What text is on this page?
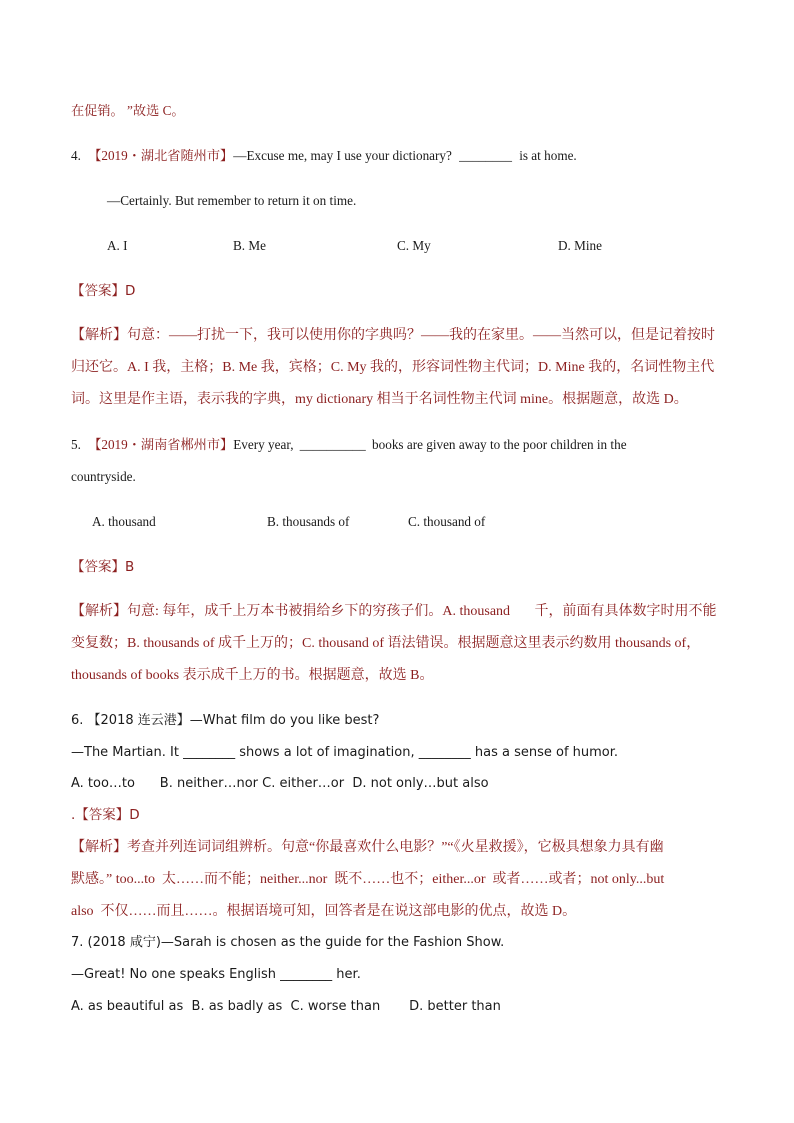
在促销。 ”故选 C。
4. 【2019・湖北省随州市】—Excuse me, may I use your dictionary? ________ is at home.
—Certainly. But remember to return it on time.
A. I	B. Me	C. My	D. Mine
【答案】D
【解析】句意：——打扰一下，我可以使用你的字典吗？——我的在家里。——当然可以，但是记着按时
归还它。A. I 我，主格；B. Me 我，宾格；C. My 我的，形容词性物主代词；D. Mine 我的，名词性物主代
词。这里是作主语，表示我的字典，my dictionary 相当于名词性物主代词 mine。根据题意，故选 D。
5. 【2019・湖南省郴州市】Every year, __________ books are given away to the poor children in the
countryside.
A. thousand	B. thousands of	C. thousand of
【答案】B
【解析】句意: 每年，成千上万本书被捐给乡下的穷孩子们。A. thousand       千，前面有具体数字时用不能
变复数；B. thousands of 成千上万的；C. thousand of 语法错误。根据题意这里表示约数用 thousands of，
thousands of books 表示成千上万的书。根据题意，故选 B。
6. 【2018 连云港】—What film do you like best?
—The Martian. It ________ shows a lot of imagination, ________ has a sense of humor.
A. too…to      B. neither…nor C. either…or  D. not only…but also
.【答案】D
【解析】考查并列连词词组辨析。句意“你最喜欢什么电影？”“《火星救援》，它极具想象力具有幽
默感。” too...to  太……而不能；neither...nor  既不……也不；either...or  或者……或者；not only...but
also  不仅……而且……。根据语境可知，回答者是在说这部电影的优点，故选 D。
7. (2018 咸宁)—Sarah is chosen as the guide for the Fashion Show.
—Great! No one speaks English ________ her.
A. as beautiful as  B. as badly as  C. worse than       D. better than
